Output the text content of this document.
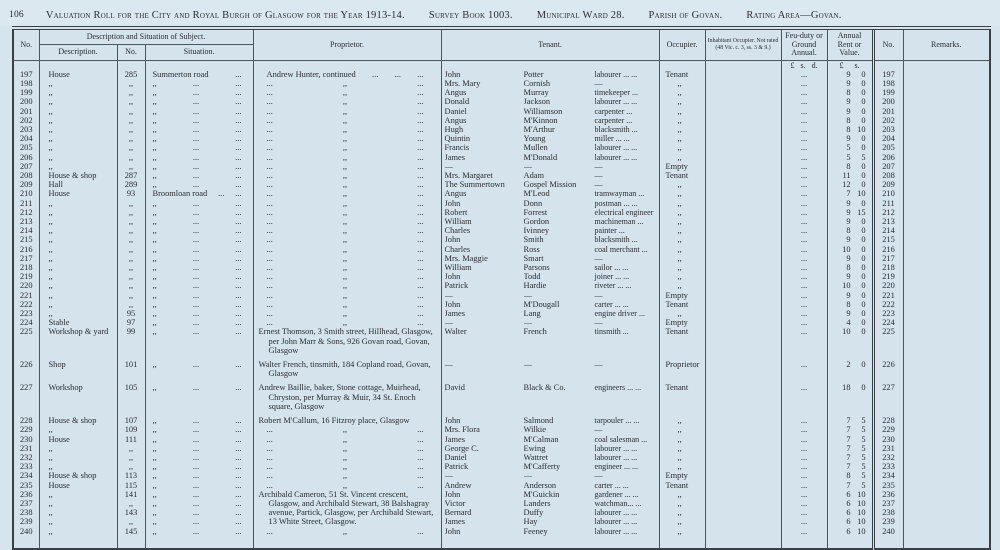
106 Valuation Roll for the City and Royal Burgh of Glasgow for the Year 1913-14. Survey Book 1003. Municipal Ward 28. Parish of Govan. Rating Area—Govan.
No.	Description and Situation of Subject.			Proprietor.	Tenant.	Occupier.	Inhabitant Occupier. Not rated (48 Vic. c. 3, ss. 3 & 9.)	Feu-duty or Ground Annual.	Annual Rent or Value.	No.	Remarks.
	Description.	No.	Situation.								
								£ s. d.	£ s.		
197	House	285	Summerton road ...	Andrew Hunter, continued ... ... ...	John Potter labourer ... ...	Tenant		...	9 0	197	
198	,,	,,	,, ... ...	... ,, ...	Mrs. Mary Cornish —	,,		...	9 0	198	
199	,,	,,	,, ... ...	... ,, ...	Angus Murray timekeeper ...	,,		...	8 0	199	
200	,,	,,	,, ... ...	... ,, ...	Donald Jackson labourer ... ...	,,		...	9 0	200	
201	,,	,,	,, ... ...	... ,, ...	Daniel Williamson carpenter ...	,,		...	9 0	201	
202	,,	,,	,, ... ...	... ,, ...	Angus M'Kinnon carpenter ...	,,		...	8 0	202	
203	,,	,,	,, ... ...	... ,, ...	Hugh M'Arthur blacksmith ...	,,		...	8 10	203	
204	,,	,,	,, ... ...	... ,, ...	Quintin Young miller ... ...	,,		...	9 0	204	
205	,,	,,	,, ... ...	... ,, ...	Francis Mullen labourer ... ...	,,		...	5 0	205	
206	,,	,,	,, ... ...	... ,, ...	James M'Donald labourer ... ...	,,		...	5 5	206	
207	,,	,,	,, ... ...	... ,, ...	— — —	Empty		...	8 0	207	
208	House & shop	287	,, ... ...	... ,, ...	Mrs. Margaret Adam —	Tenant		...	11 0	208	
209	Hall	289	,, ... ...	... ,, ...	The Summertown Gospel Mission —	,,		...	12 0	209	
210	House	93	Broomloan road ... ...	... ,, ...	Angus M'Leod tramwayman ...	,,		...	7 10	210	
211	,,	,,	,, ... ...	... ,, ...	John Donn postman ... ...	,,		...	9 0	211	
212	,,	,,	,, ... ...	... ,, ...	Robert Forrest electrical engineer	,,		...	9 15	212	
213	,,	,,	,, ... ...	... ,, ...	William Gordon machineman ...	,,		...	9 0	213	
214	,,	,,	,, ... ...	... ,, ...	Charles Ivinney painter ...	,,		...	8 0	214	
215	,,	,,	,, ... ...	... ,, ...	John Smith blacksmith ...	,,		...	9 0	215	
216	,,	,,	,, ... ...	... ,, ...	Charles Ross coal merchant ...	,,		...	10 0	216	
217	,,	,,	,, ... ...	... ,, ...	Mrs. Maggie Smart —	,,		...	9 0	217	
218	,,	,,	,, ... ...	... ,, ...	William Parsons sailor ... ...	,,		...	8 0	218	
219	,,	,,	,, ... ...	... ,, ...	John Todd joiner ... ...	,,		...	9 0	219	
220	,,	,,	,, ... ...	... ,, ...	Patrick Hardie riveter ... ...	,,		...	10 0	220	
221	,,	,,	,, ... ...	... ,, ...	— — —	Empty		...	9 0	221	
222	,,	,,	,, ... ...	... ,, ...	John M'Dougall carter ... ...	Tenant		...	8 0	222	
223	,,	95	,, ... ...	... ,, ...	James Lang engine driver ...	,,		...	9 0	223	
224	Stable	97	,, ... ...	... ,, ...	— — —	Empty		...	4 0	224	
225	Workshop & yard	99	,, ... ...	Ernest Thomson, 3 Smith street, Hillhead, Glasgow, per John Marr & Sons, 926 Govan road, Govan, Glasgow	Walter French tinsmith ...	Tenant		...	10 0	225	
226	Shop	101	,, ... ...	Walter French, tinsmith, 184 Copland road, Govan, Glasgow	— — —	Proprietor		...	2 0	226	
227	Workshop	105	,, ... ...	Andrew Baillie, baker, Stone cottage, Muirhead, Chryston, per Murray & Muir, 34 St. Enoch square, Glasgow	David Black & Co. engineers ... ...	Tenant		...	18 0	227	
228	House & shop	107	,, ... ...	Robert M'Callum, 16 Fitzroy place, Glasgow	John Salmond tarpouler ... ...	,,		...	7 5	228	
229	,,	109	,, ... ...	... ,, ...	Mrs. Flora Wilkie —	,,		...	7 5	229	
230	House	111	,, ... ...	... ,, ...	James M'Calman coal salesman ...	,,		...	7 5	230	
231	,,	,,	,, ... ...	... ,, ...	George C. Ewing labourer ... ...	,,		...	7 5	231	
232	,,	,,	,, ... ...	... ,, ...	Daniel Wattret labourer ... ...	,,		...	7 5	232	
233	,,	,,	,, ... ...	... ,, ...	Patrick M'Cafferty engineer ... ...	,,		...	7 5	233	
234	House & shop	113	,, ... ...	... ,, ...	— — —	Empty		...	8 5	234	
235	House	115	,, ... ...	... ,, ...	Andrew Anderson carter ... ...	Tenant		...	7 5	235	
236	,,	141	,, ... ...	Archibald Cameron, 51 St. Vincent crescent, Glasgow, and Archibald Stewart, 38 Balshagray avenue, Partick, Glasgow, per Archibald Stewart, 13 White Street, Glasgow.	John M'Guickin gardener ... ...	,,		...	6 10	236	
237	,,	,,	,, ... ...		Victor Landers watchman... ...	,,		...	6 10	237	
238	,,	143	,, ... ...		Bernard Duffy labourer ... ...	,,		...	6 10	238	
239	,,	,,	,, ... ...		James Hay labourer ... ...	,,		...	6 10	239	
240	,,	145	,, ... ...	... ,, ...	John Feeney labourer ... ...	,,		...	6 10	240	
